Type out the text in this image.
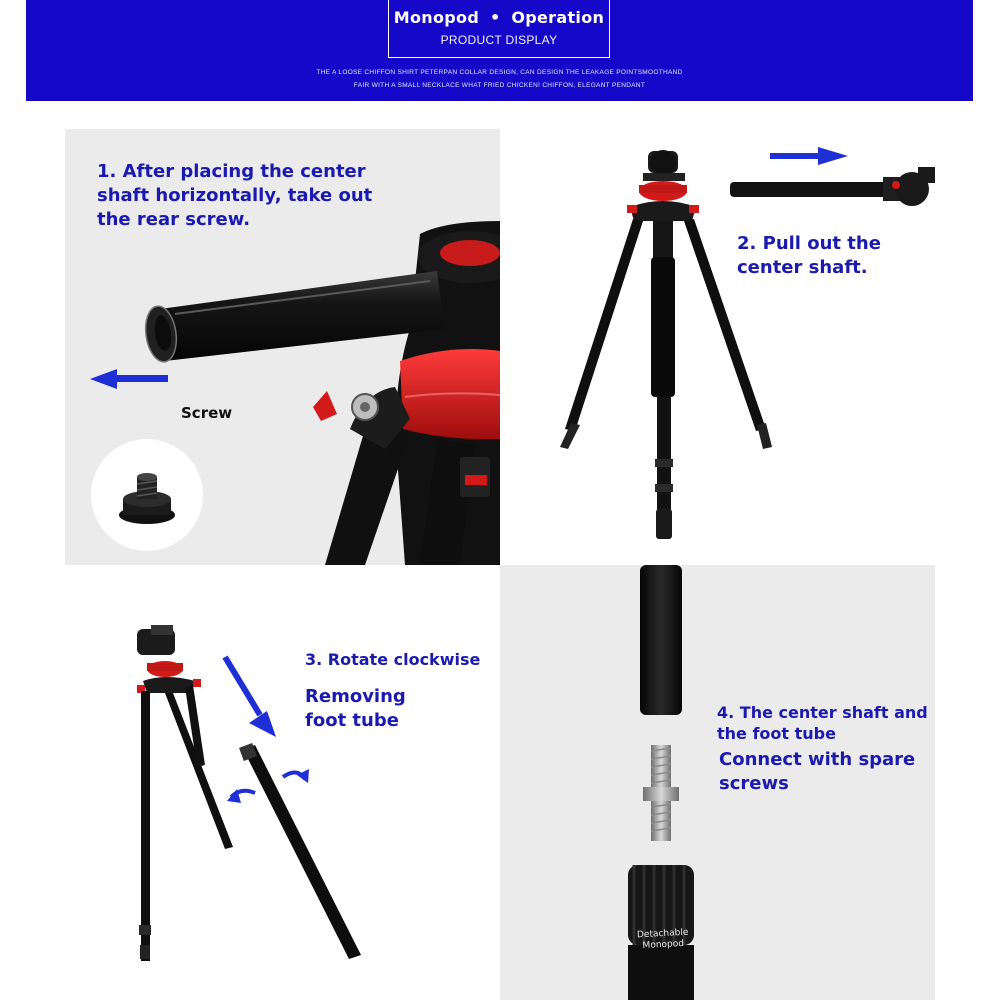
Monopod • Operation
PRODUCT DISPLAY
THE A LOOSE CHIFFON SHIRT PETERPAN COLLAR DESIGN, CAN DESIGN THE LEAKAGE POINTSMOOTHAND
FAIR WITH A SMALL NECKLACE WHAT FRIED CHICKEN! CHIFFON, ELEGANT PENDANT
1. After placing the center
shaft horizontally, take out
the rear screw.
Screw
2. Pull out the
center shaft.
3. Rotate clockwise
Removing
foot tube
Detachable
Monopod
4. The center shaft and
the foot tube
Connect with spare
screws
